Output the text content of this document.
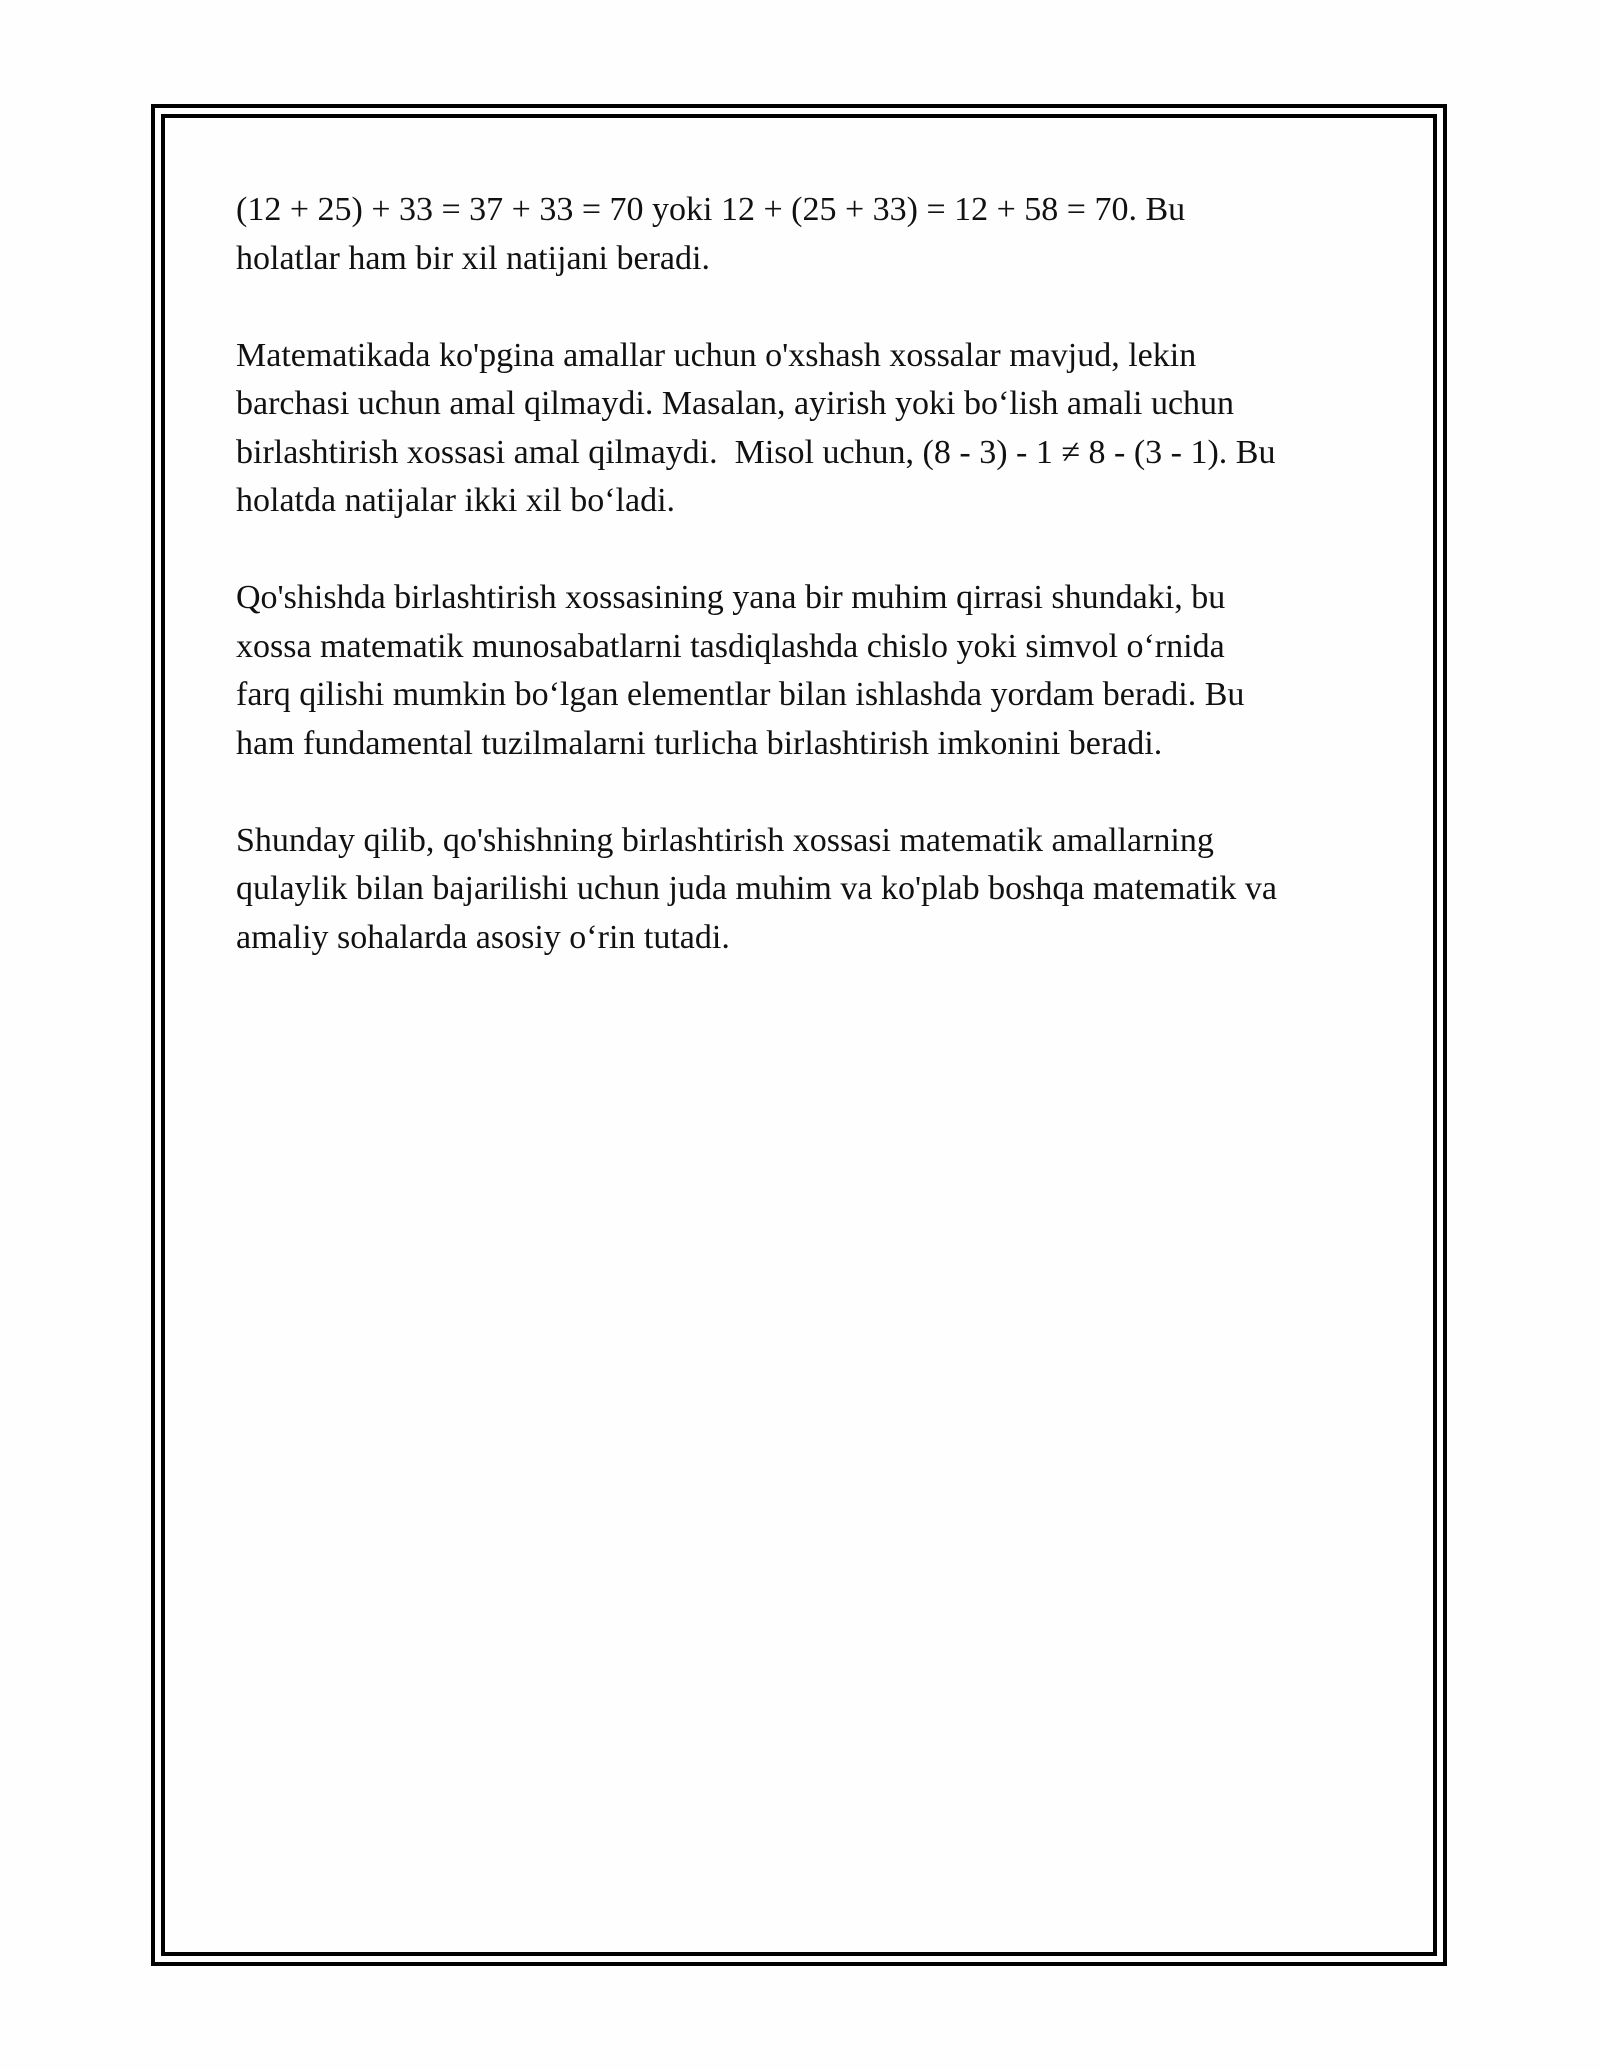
(12 + 25) + 33 = 37 + 33 = 70 yoki 12 + (25 + 33) = 12 + 58 = 70. Bu
holatlar ham bir xil natijani beradi.

Matematikada ko'pgina amallar uchun o'xshash xossalar mavjud, lekin
barchasi uchun amal qilmaydi. Masalan, ayirish yoki bo‘lish amali uchun
birlashtirish xossasi amal qilmaydi.  Misol uchun, (8 - 3) - 1 ≠ 8 - (3 - 1). Bu
holatda natijalar ikki xil bo‘ladi.

Qo'shishda birlashtirish xossasining yana bir muhim qirrasi shundaki, bu
xossa matematik munosabatlarni tasdiqlashda chislo yoki simvol o‘rnida
farq qilishi mumkin bo‘lgan elementlar bilan ishlashda yordam beradi. Bu
ham fundamental tuzilmalarni turlicha birlashtirish imkonini beradi.

Shunday qilib, qo'shishning birlashtirish xossasi matematik amallarning
qulaylik bilan bajarilishi uchun juda muhim va ko'plab boshqa matematik va
amaliy sohalarda asosiy o‘rin tutadi.
